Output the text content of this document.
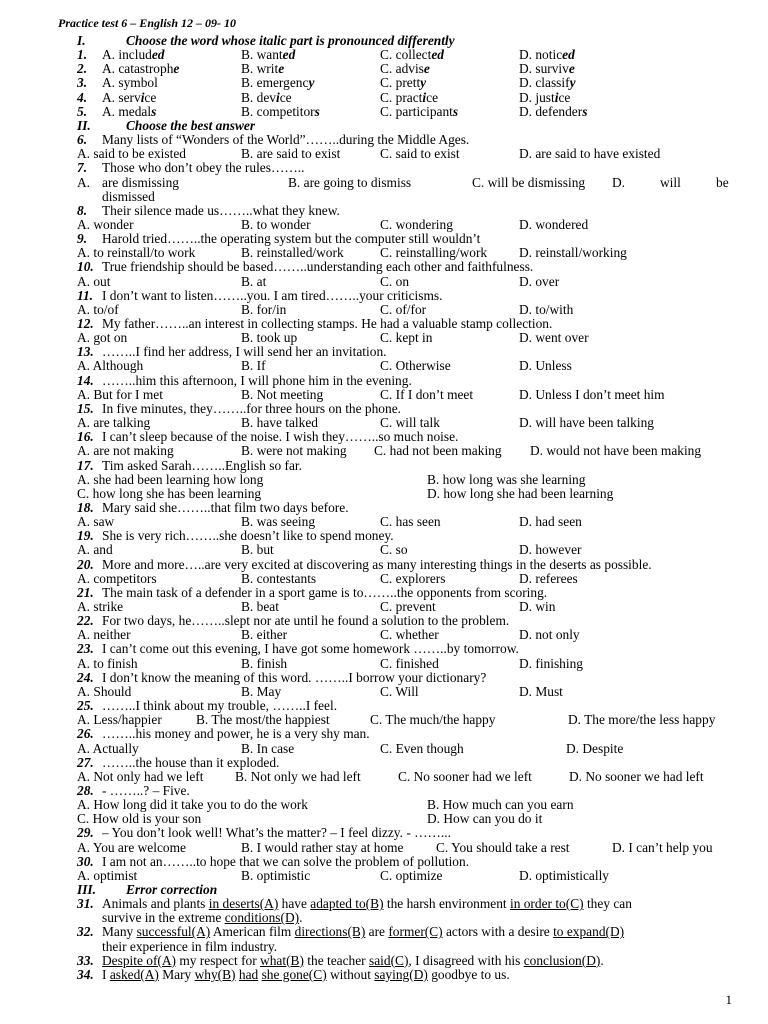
Practice test 6 – English 12 – 09- 10
I.	Choose the word whose italic part is pronounced differently
1. A. included	B. wanted	C. collected	D. noticed
2. A. catastrophe	B. write	C. advise	D. survive
3. A. symbol	B. emergency	C. pretty	D. classify
4. A. service	B. device	C. practice	D. justice
5. A. medals	B. competitors	C. participants	D. defenders
II.	Choose the best answer
6. Many lists of “Wonders of the World”……..during the Middle Ages.
A. said to be existed	B. are said to exist	C. said to exist	D. are said to have existed
7. Those who don’t obey the rules……..
A. are dismissing	B. are going to dismiss	C. will be dismissing D.	will	be
dismissed
8. Their silence made us……..what they knew.
A. wonder	B. to wonder	C. wondering	D. wondered
9. Harold tried……..the operating system but the computer still wouldn’t
A. to reinstall/to work	B. reinstalled/work	C. reinstalling/work D. reinstall/working
10. True friendship should be based……..understanding each other and faithfulness.
A. out	B. at	C. on	D. over
11. I don’t want to listen……..you. I am tired……..your criticisms.
A. to/of	B. for/in	C. of/for	D. to/with
12. My father……..an interest in collecting stamps. He had a valuable stamp collection.
A. got on	B. took up	C. kept in	D. went over
13. ……..I find her address, I will send her an invitation.
A. Although	B. If	C. Otherwise	D. Unless
14. ……..him this afternoon, I will phone him in the evening.
A. But for I met	B. Not meeting	C. If I don’t meet	D. Unless I don’t meet him
15. In five minutes, they……..for three hours on the phone.
A. are talking	B. have talked	C. will talk	D. will have been talking
16. I can’t sleep because of the noise. I wish they……..so much noise.
A. are not making	B. were not making C. had not been making D. would not have been making
17. Tim asked Sarah……..English so far.
A. she had been learning how long	B. how long was she learning
C. how long she has been learning	D. how long she had been learning
18. Mary said she……..that film two days before.
A. saw	B. was seeing	C. has seen	D. had seen
19. She is very rich……..she doesn’t like to spend money.
A. and	B. but	C. so	D. however
20. More and more…..are very excited at discovering as many interesting things in the deserts as possible.
A. competitors	B. contestants	C. explorers	D. referees
21. The main task of a defender in a sport game is to……..the opponents from scoring.
A. strike	B. beat	C. prevent	D. win
22. For two days, he……..slept nor ate until he found a solution to the problem.
A. neither	B. either	C. whether	D. not only
23. I can’t come out this evening, I have got some homework ……..by tomorrow.
A. to finish	B. finish	C. finished	D. finishing
24. I don’t know the meaning of this word. ……..I borrow your dictionary?
A. Should	B. May	C. Will	D. Must
25. ……..I think about my trouble, ……..I feel.
A. Less/happier	B. The most/the happiest	C. The much/the happy	D. The more/the less happy
26. ……..his money and power, he is a very shy man.
A. Actually	B. In case	C. Even though	D. Despite
27. ……..the house than it exploded.
A. Not only had we left B. Not only we had left	C. No sooner had we left	D. No sooner we had left
28. - ……..? – Five.
A. How long did it take you to do the work	B. How much can you earn
C. How old is your son	D. How can you do it
29. – You don’t look well! What’s the matter? – I feel dizzy. - ……...
A. You are welcome	B. I would rather stay at home C. You should take a rest	D. I can’t help you
30. I am not an……..to hope that we can solve the problem of pollution.
A. optimist	B. optimistic	C. optimize	D. optimistically
III. Error correction
31. Animals and plants in deserts(A) have adapted to(B) the harsh environment in order to(C) they can
survive in the extreme conditions(D).
32. Many successful(A) American film directions(B) are former(C) actors with a desire to expand(D)
their experience in film industry.
33. Despite of(A) my respect for what(B) the teacher said(C), I disagreed with his conclusion(D).
34. I asked(A) Mary why(B) had she gone(C) without saying(D) goodbye to us.
1
